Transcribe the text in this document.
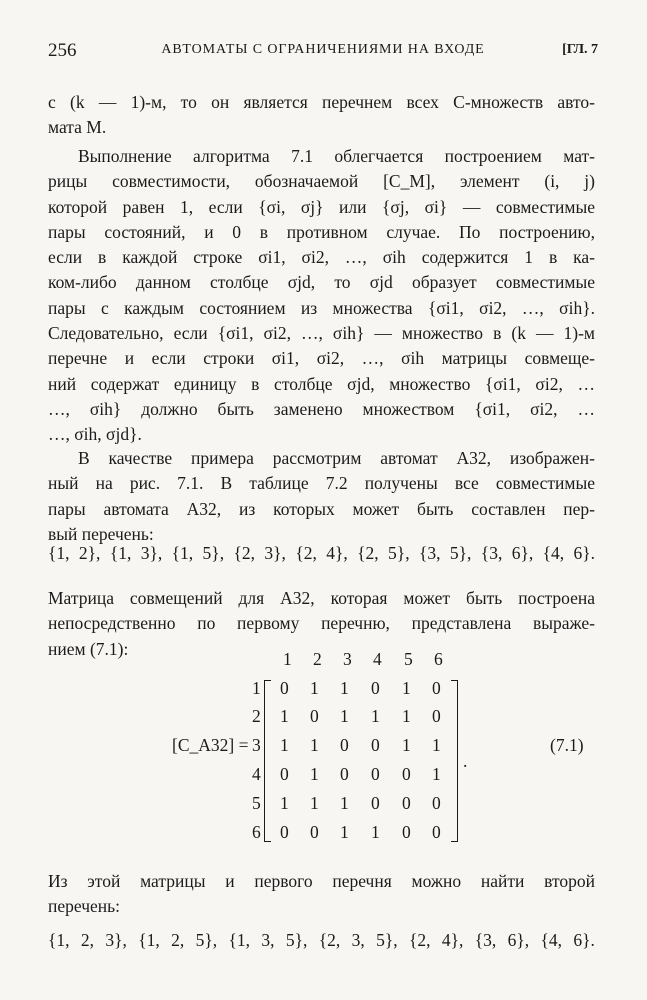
256	АВТОМАТЫ С ОГРАНИЧЕНИЯМИ НА ВХОДЕ	[ГЛ. 7
с (k — 1)-м, то он является перечнем всех C-множеств авто-
мата M.
Выполнение алгоритма 7.1 облегчается построением мат-
рицы совместимости, обозначаемой [C_M], элемент (i, j)
которой равен 1, если {σi, σj} или {σj, σi} — совместимые
пары состояний, и 0 в противном случае. По построению,
если в каждой строке σi1, σi2, …, σih содержится 1 в ка-
ком-либо данном столбце σjd, то σjd образует совместимые
пары с каждым состоянием из множества {σi1, σi2, …, σih}.
Следовательно, если {σi1, σi2, …, σih} — множество в (k — 1)-м
перечне и если строки σi1, σi2, …, σih матрицы совмеще-
ний содержат единицу в столбце σjd, множество {σi1, σi2, …
…, σih} должно быть заменено множеством {σi1, σi2, …
…, σih, σjd}.
В качестве примера рассмотрим автомат A32, изображен-
ный на рис. 7.1. В таблице 7.2 получены все совместимые
пары автомата A32, из которых может быть составлен пер-
вый перечень:
{1, 2}, {1, 3}, {1, 5}, {2, 3}, {2, 4}, {2, 5}, {3, 5}, {3, 6}, {4, 6}.
Матрица совмещений для A32, которая может быть построена
непосредственно по первому перечню, представлена выраже-
нием (7.1):
[C_A32] =
1 2 3 4 5 6
1
2
3
4
5
6
0 1 1 0 1 0
1 0 1 1 1 0
1 1 0 0 1 1
0 1 0 0 0 1
1 1 1 0 0 0
0 0 1 1 0 0
.
(7.1)
Из этой матрицы и первого перечня можно найти второй
перечень:
{1, 2, 3}, {1, 2, 5}, {1, 3, 5}, {2, 3, 5}, {2, 4}, {3, 6}, {4, 6}.
